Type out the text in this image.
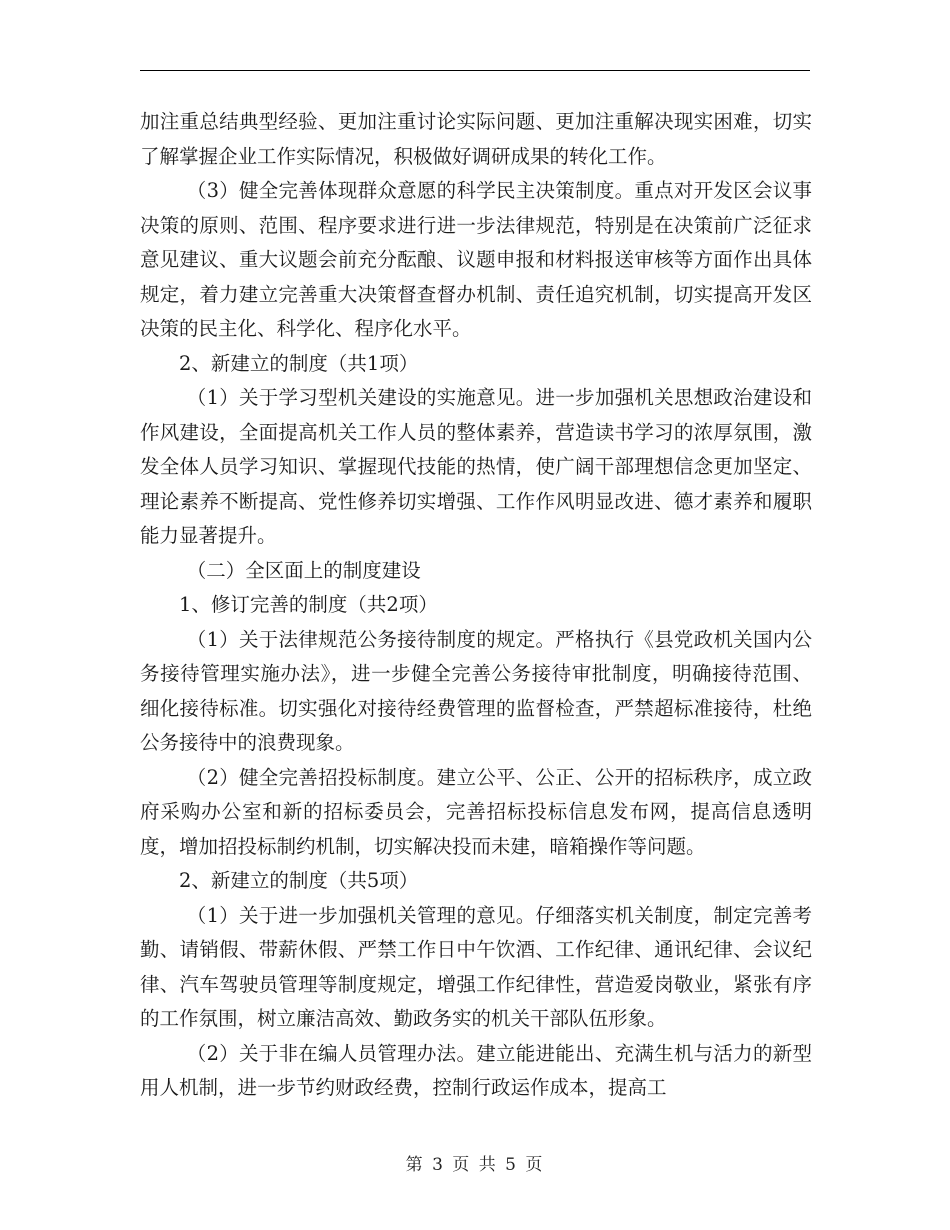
加注重总结典型经验、更加注重讨论实际问题、更加注重解决现实困难，切实了解掌握企业工作实际情况，积极做好调研成果的转化工作。

（3）健全完善体现群众意愿的科学民主决策制度。重点对开发区会议事决策的原则、范围、程序要求进行进一步法律规范，特别是在决策前广泛征求意见建议、重大议题会前充分酝酿、议题申报和材料报送审核等方面作出具体规定，着力建立完善重大决策督查督办机制、责任追究机制，切实提高开发区决策的民主化、科学化、程序化水平。

2、新建立的制度（共1项）

（1）关于学习型机关建设的实施意见。进一步加强机关思想政治建设和作风建设，全面提高机关工作人员的整体素养，营造读书学习的浓厚氛围，激发全体人员学习知识、掌握现代技能的热情，使广阔干部理想信念更加坚定、理论素养不断提高、党性修养切实增强、工作作风明显改进、德才素养和履职能力显著提升。

（二）全区面上的制度建设

1、修订完善的制度（共2项）

（1）关于法律规范公务接待制度的规定。严格执行《县党政机关国内公务接待管理实施办法》，进一步健全完善公务接待审批制度，明确接待范围、细化接待标准。切实强化对接待经费管理的监督检查，严禁超标准接待，杜绝公务接待中的浪费现象。

（2）健全完善招投标制度。建立公平、公正、公开的招标秩序，成立政府采购办公室和新的招标委员会，完善招标投标信息发布网，提高信息透明度，增加招投标制约机制，切实解决投而未建，暗箱操作等问题。

2、新建立的制度（共5项）

（1）关于进一步加强机关管理的意见。仔细落实机关制度，制定完善考勤、请销假、带薪休假、严禁工作日中午饮酒、工作纪律、通讯纪律、会议纪律、汽车驾驶员管理等制度规定，增强工作纪律性，营造爱岗敬业，紧张有序的工作氛围，树立廉洁高效、勤政务实的机关干部队伍形象。

（2）关于非在编人员管理办法。建立能进能出、充满生机与活力的新型用人机制，进一步节约财政经费，控制行政运作成本，提高工

第 3 页 共 5 页
